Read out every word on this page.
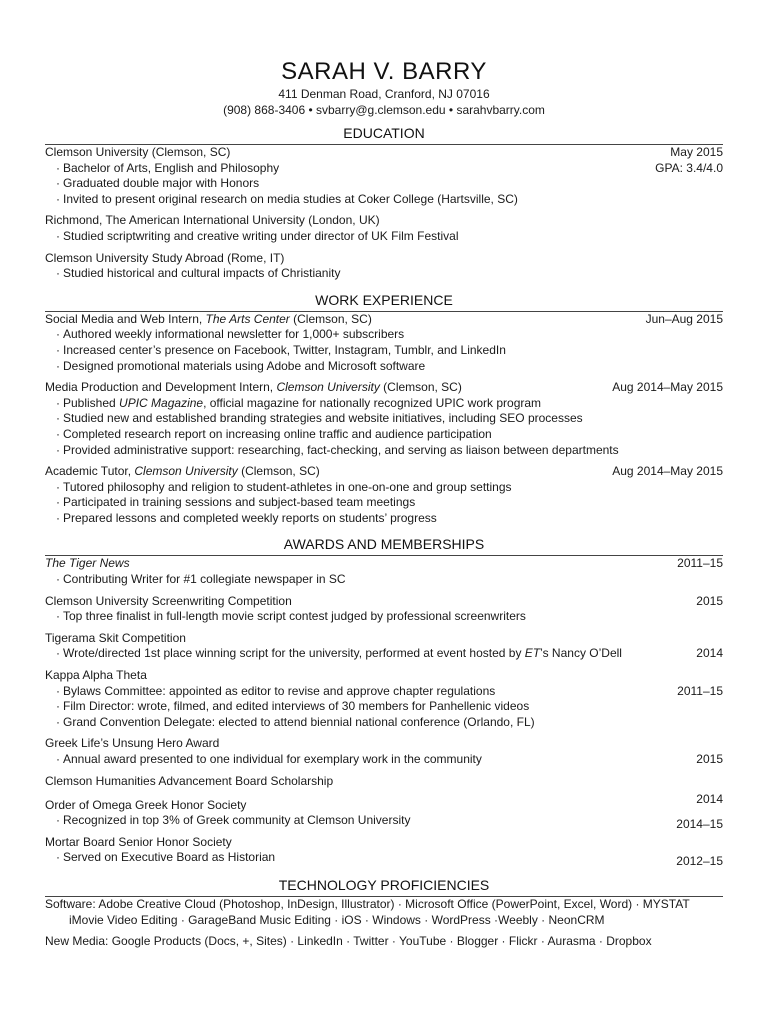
SARAH V. BARRY
411 Denman Road, Cranford, NJ 07016
(908) 868-3406 • svbarry@g.clemson.edu • sarahvbarry.com
EDUCATION
Clemson University (Clemson, SC)	May 2015
· Bachelor of Arts, English and Philosophy	GPA: 3.4/4.0
· Graduated double major with Honors
· Invited to present original research on media studies at Coker College (Hartsville, SC)
Richmond, The American International University (London, UK)
· Studied scriptwriting and creative writing under director of UK Film Festival
Clemson University Study Abroad (Rome, IT)
· Studied historical and cultural impacts of Christianity
WORK EXPERIENCE
Social Media and Web Intern, The Arts Center (Clemson, SC)	Jun–Aug 2015
· Authored weekly informational newsletter for 1,000+ subscribers
· Increased center’s presence on Facebook, Twitter, Instagram, Tumblr, and LinkedIn
· Designed promotional materials using Adobe and Microsoft software
Media Production and Development Intern, Clemson University (Clemson, SC)	Aug 2014–May 2015
· Published UPIC Magazine, official magazine for nationally recognized UPIC work program
· Studied new and established branding strategies and website initiatives, including SEO processes
· Completed research report on increasing online traffic and audience participation
· Provided administrative support: researching, fact-checking, and serving as liaison between departments
Academic Tutor, Clemson University (Clemson, SC)	Aug 2014–May 2015
· Tutored philosophy and religion to student-athletes in one-on-one and group settings
· Participated in training sessions and subject-based team meetings
· Prepared lessons and completed weekly reports on students’ progress
AWARDS AND MEMBERSHIPS
The Tiger News	2011–15
· Contributing Writer for #1 collegiate newspaper in SC
Clemson University Screenwriting Competition	2015
· Top three finalist in full-length movie script contest judged by professional screenwriters
Tigerama Skit Competition
· Wrote/directed 1st place winning script for the university, performed at event hosted by ET’s Nancy O’Dell	2014
Kappa Alpha Theta
· Bylaws Committee: appointed as editor to revise and approve chapter regulations	2011–15
· Film Director: wrote, filmed, and edited interviews of 30 members for Panhellenic videos
· Grand Convention Delegate: elected to attend biennial national conference (Orlando, FL)
Greek Life’s Unsung Hero Award
· Annual award presented to one individual for exemplary work in the community	2015
Clemson Humanities Advancement Board Scholarship
2014
Order of Omega Greek Honor Society
· Recognized in top 3% of Greek community at Clemson University	2014–15
Mortar Board Senior Honor Society
· Served on Executive Board as Historian	2012–15
TECHNOLOGY PROFICIENCIES
Software: Adobe Creative Cloud (Photoshop, InDesign, Illustrator) · Microsoft Office (PowerPoint, Excel, Word) · MYSTAT
iMovie Video Editing · GarageBand Music Editing · iOS · Windows · WordPress ·Weebly · NeonCRM
New Media: Google Products (Docs, +, Sites) · LinkedIn · Twitter · YouTube · Blogger · Flickr · Aurasma · Dropbox
